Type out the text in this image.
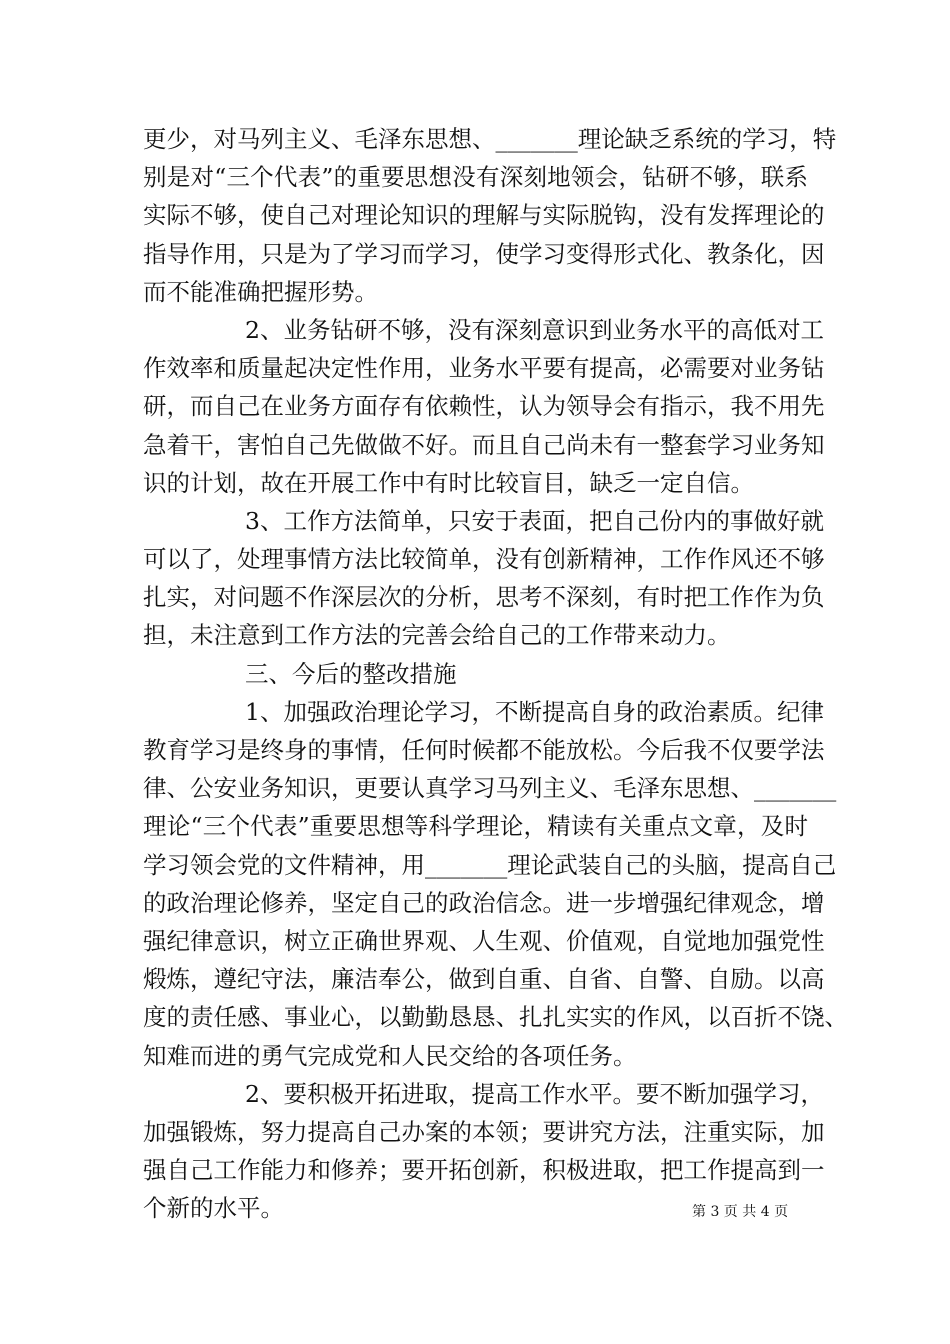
更少，对马列主义、毛泽东思想、_______理论缺乏系统的学习，特
别是对“三个代表”的重要思想没有深刻地领会，钻研不够，联系
实际不够，使自己对理论知识的理解与实际脱钩，没有发挥理论的
指导作用，只是为了学习而学习，使学习变得形式化、教条化，因
而不能准确把握形势。
2、业务钻研不够，没有深刻意识到业务水平的高低对工
作效率和质量起决定性作用，业务水平要有提高，必需要对业务钻
研，而自己在业务方面存有依赖性，认为领导会有指示，我不用先
急着干，害怕自己先做做不好。而且自己尚未有一整套学习业务知
识的计划，故在开展工作中有时比较盲目，缺乏一定自信。
3、工作方法简单，只安于表面，把自己份内的事做好就
可以了，处理事情方法比较简单，没有创新精神，工作作风还不够
扎实，对问题不作深层次的分析，思考不深刻，有时把工作作为负
担，未注意到工作方法的完善会给自己的工作带来动力。
三、今后的整改措施
1、加强政治理论学习，不断提高自身的政治素质。纪律
教育学习是终身的事情，任何时候都不能放松。今后我不仅要学法
律、公安业务知识，更要认真学习马列主义、毛泽东思想、_______
理论“三个代表”重要思想等科学理论，精读有关重点文章，及时
学习领会党的文件精神，用_______理论武装自己的头脑，提高自己
的政治理论修养，坚定自己的政治信念。进一步增强纪律观念，增
强纪律意识，树立正确世界观、人生观、价值观，自觉地加强党性
煅炼，遵纪守法，廉洁奉公，做到自重、自省、自警、自励。以高
度的责任感、事业心，以勤勤恳恳、扎扎实实的作风，以百折不饶、
知难而进的勇气完成党和人民交给的各项任务。
2、要积极开拓进取，提高工作水平。要不断加强学习，
加强锻炼，努力提高自己办案的本领；要讲究方法，注重实际，加
强自己工作能力和修养；要开拓创新，积极进取，把工作提高到一
个新的水平。	第 3 页 共 4 页
